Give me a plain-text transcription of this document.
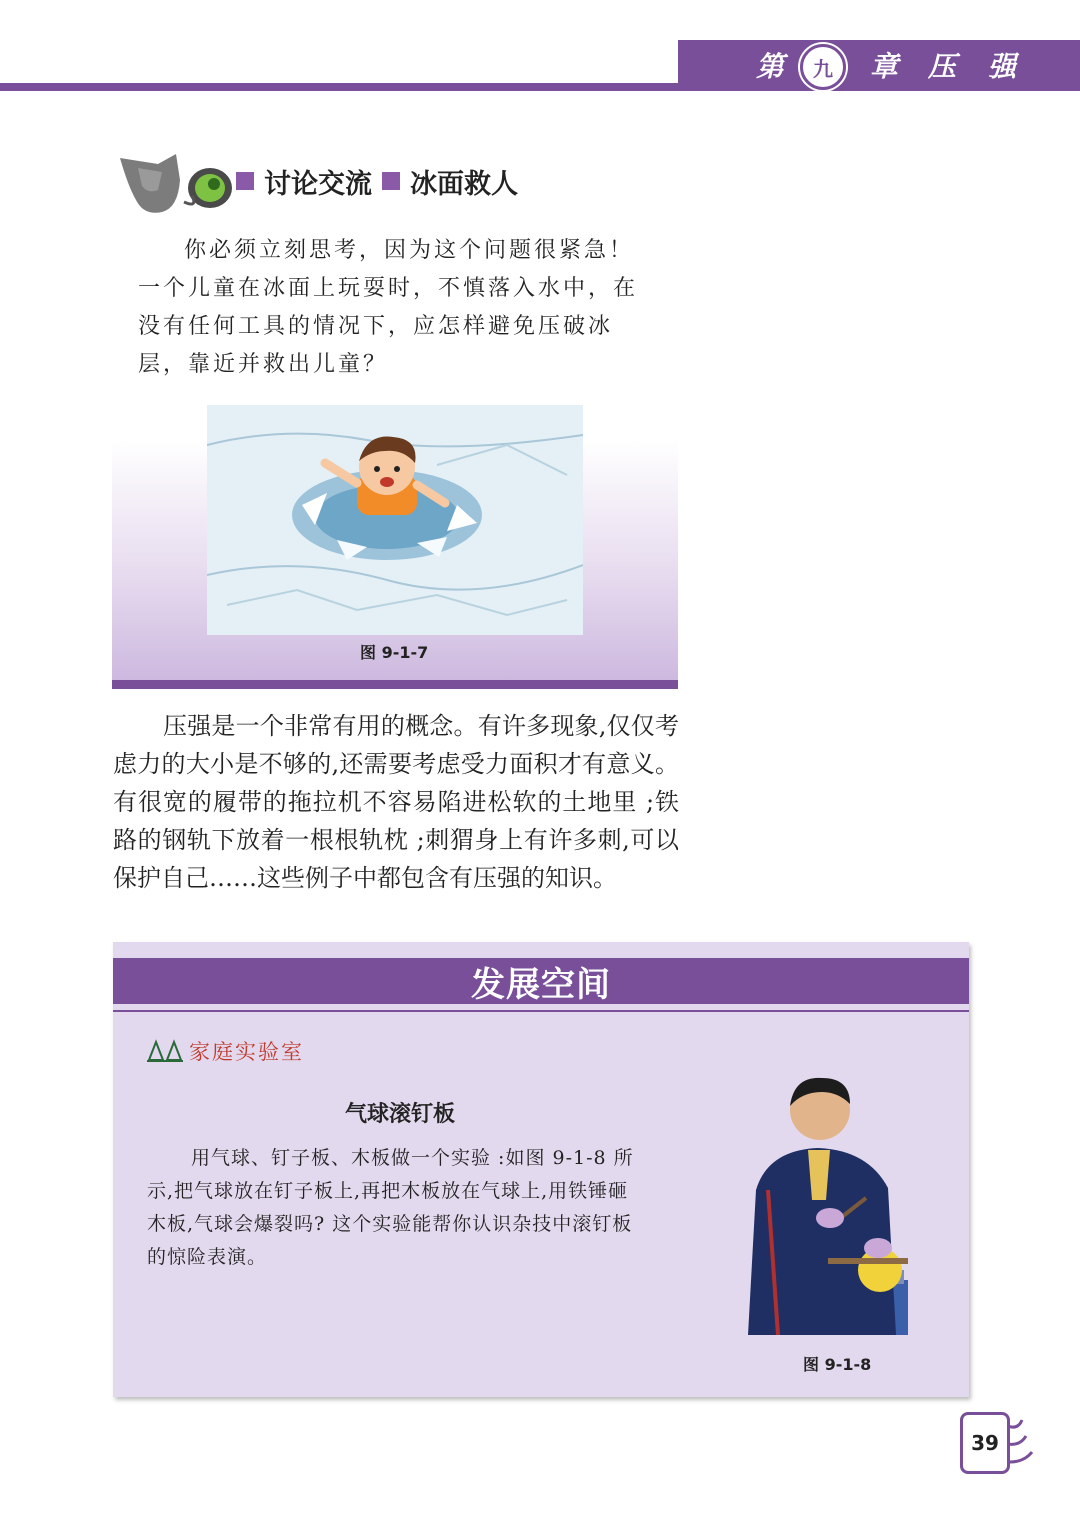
第	九	章 压 强
讨论交流 冰面救人

你必须立刻思考，因为这个问题很紧急！

一个儿童在冰面上玩耍时，不慎落入水中，在

没有任何工具的情况下，应怎样避免压破冰

层，靠近并救出儿童？

图 9-1-7

压强是一个非常有用的概念。有许多现象,仅仅考虑力的大小是不够的,还需要考虑受力面积才有意义。有很宽的履带的拖拉机不容易陷进松软的土地里 ;铁路的钢轨下放着一根根轨枕 ;刺猬身上有许多刺,可以保护自己……这些例子中都包含有压强的知识。

发展空间
家庭实验室
气球滚钉板

用气球、钉子板、木板做一个实验 :如图 9-1-8 所示,把气球放在钉子板上,再把木板放在气球上,用铁锤砸木板,气球会爆裂吗? 这个实验能帮你认识杂技中滚钉板的惊险表演。

图 9-1-8
39
